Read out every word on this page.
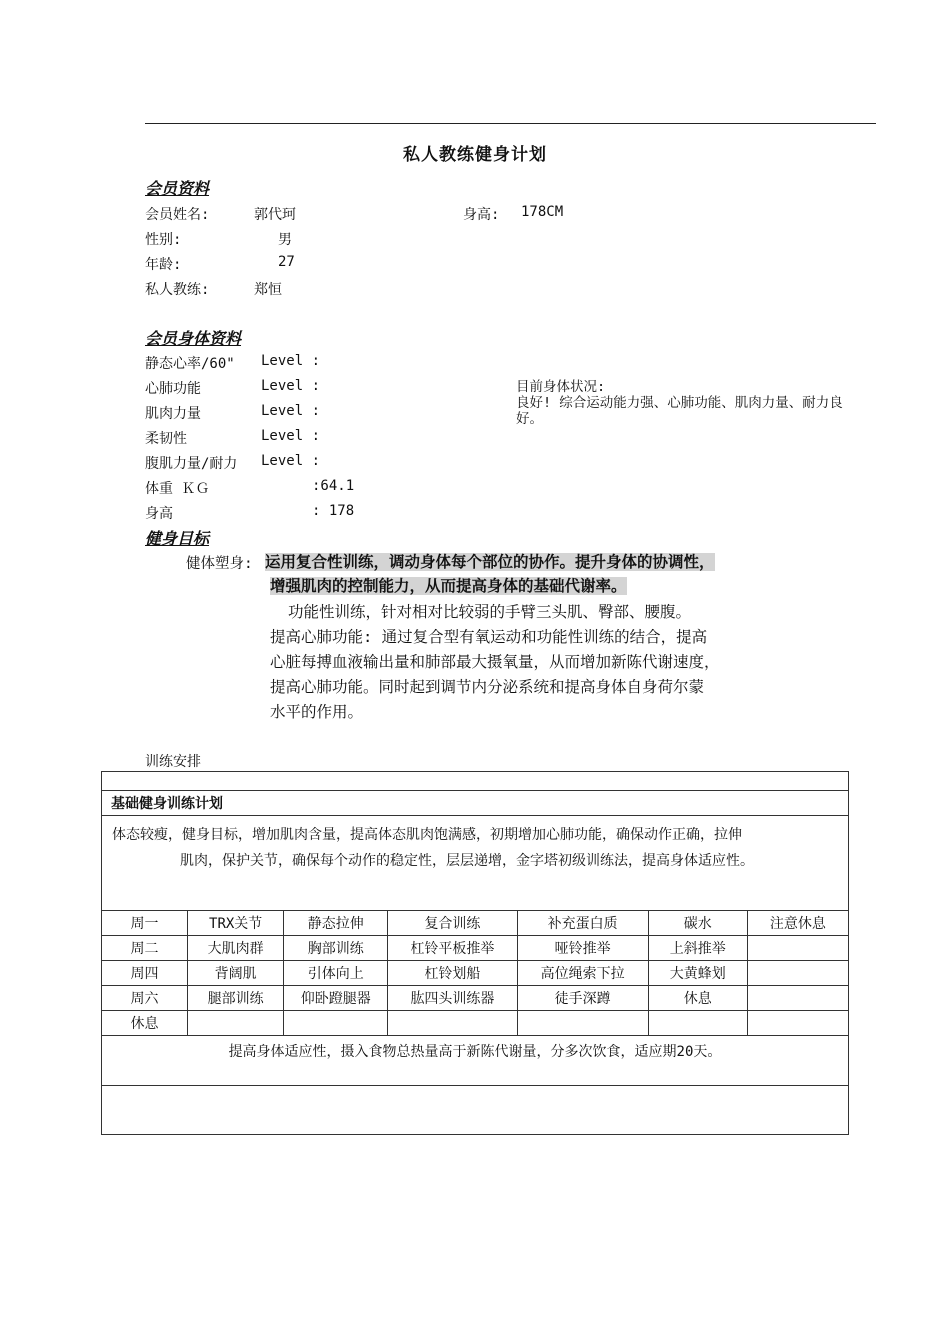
私人教练健身计划
会员资料
会员姓名:	郭代珂	身高: 178CM
性别:	男
年龄:	27
私人教练:	郑恒
会员身体资料
静态心率/60" Level :
心肺功能	Level :
肌肉力量	Level :
柔韧性	Level :
腹肌力量/耐力 Level :
体重 ＫＧ	:64.1
身高	: 178
目前身体状况:
良好! 综合运动能力强、心肺功能、肌肉力量、耐力良好。
健身目标
健体塑身: 运用复合性训练，调动身体每个部位的协作。提升身体的协调性，
增强肌肉的控制能力，从而提高身体的基础代谢率。
功能性训练，针对相对比较弱的手臂三头肌、臀部、腰腹。
提高心肺功能: 通过复合型有氧运动和功能性训练的结合，提高
心脏每搏血液输出量和肺部最大摄氧量，从而增加新陈代谢速度，
提高心肺功能。同时起到调节内分泌系统和提高身体自身荷尔蒙
水平的作用。
训练安排

基础健身训练计划						

体态较瘦，健身目标，增加肌肉含量，提高体态肌肉饱满感，初期增加心肺功能，确保动作正确，拉伸
肌肉，保护关节，确保每个动作的稳定性，层层递增，金字塔初级训练法，提高身体适应性。						

周一	TRX关节	静态拉伸	复合训练	补充蛋白质	碳水	注意休息
周二	大肌肉群	胸部训练	杠铃平板推举	哑铃推举	上斜推举	
周四	背阔肌	引体向上	杠铃划船	高位绳索下拉	大黄蜂划	
周六	腿部训练	仰卧蹬腿器	肱四头训练器	徒手深蹲	休息	
休息						
提高身体适应性，摄入食物总热量高于新陈代谢量，分多次饮食，适应期20天。						
